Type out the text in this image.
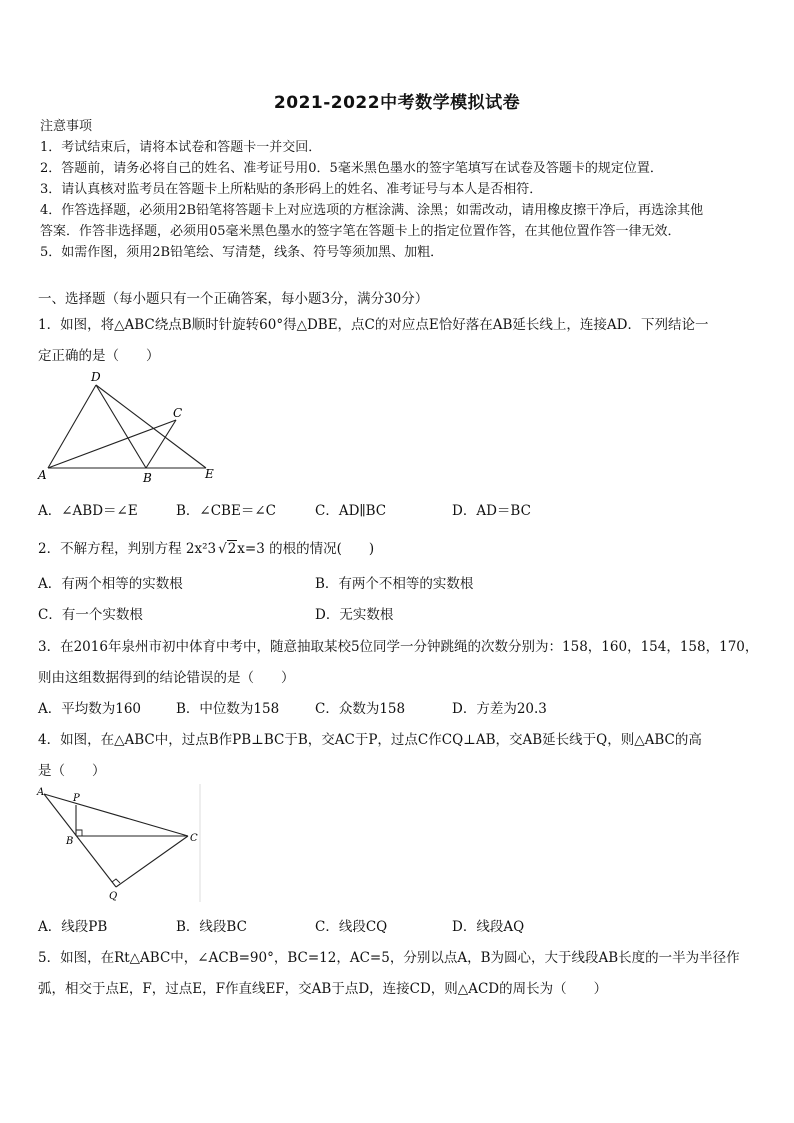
2021-2022中考数学模拟试卷
注意事项
1．考试结束后，请将本试卷和答题卡一并交回．
2．答题前，请务必将自己的姓名、准考证号用0．5毫米黑色墨水的签字笔填写在试卷及答题卡的规定位置．
3．请认真核对监考员在答题卡上所粘贴的条形码上的姓名、准考证号与本人是否相符．
4．作答选择题，必须用2B铅笔将答题卡上对应选项的方框涂满、涂黑；如需改动，请用橡皮擦干净后，再选涂其他
答案．作答非选择题，必须用05毫米黑色墨水的签字笔在答题卡上的指定位置作答，在其他位置作答一律无效．
5．如需作图，须用2B铅笔绘、写清楚，线条、符号等须加黑、加粗．
一、选择题（每小题只有一个正确答案，每小题3分，满分30分）
1．如图，将△ABC绕点B顺时针旋转60°得△DBE，点C的对应点E恰好落在AB延长线上，连接AD．下列结论一
定正确的是（　　）
D
C
A	B	E
A．∠ABD＝∠E	B．∠CBE＝∠C	C．AD∥BC	D．AD＝BC
2．不解方程，判别方程 2x²3 √2x=3 的根的情况(　　)
A．有两个相等的实数根	B．有两个不相等的实数根
C．有一个实数根	D．无实数根
3．在2016年泉州市初中体育中考中，随意抽取某校5位同学一分钟跳绳的次数分别为：158，160，154，158，170，
则由这组数据得到的结论错误的是（　　）
A．平均数为160	B．中位数为158	C．众数为158	D．方差为20.3
4．如图，在△ABC中，过点B作PB⊥BC于B，交AC于P，过点C作CQ⊥AB，交AB延长线于Q，则△ABC的高
是（　　）
A
P
B	C
Q
A．线段PB	B．线段BC	C．线段CQ	D．线段AQ
5．如图，在Rt△ABC中，∠ACB=90°，BC=12，AC=5，分别以点A，B为圆心，大于线段AB长度的一半为半径作
弧，相交于点E，F，过点E，F作直线EF，交AB于点D，连接CD，则△ACD的周长为（　　）
